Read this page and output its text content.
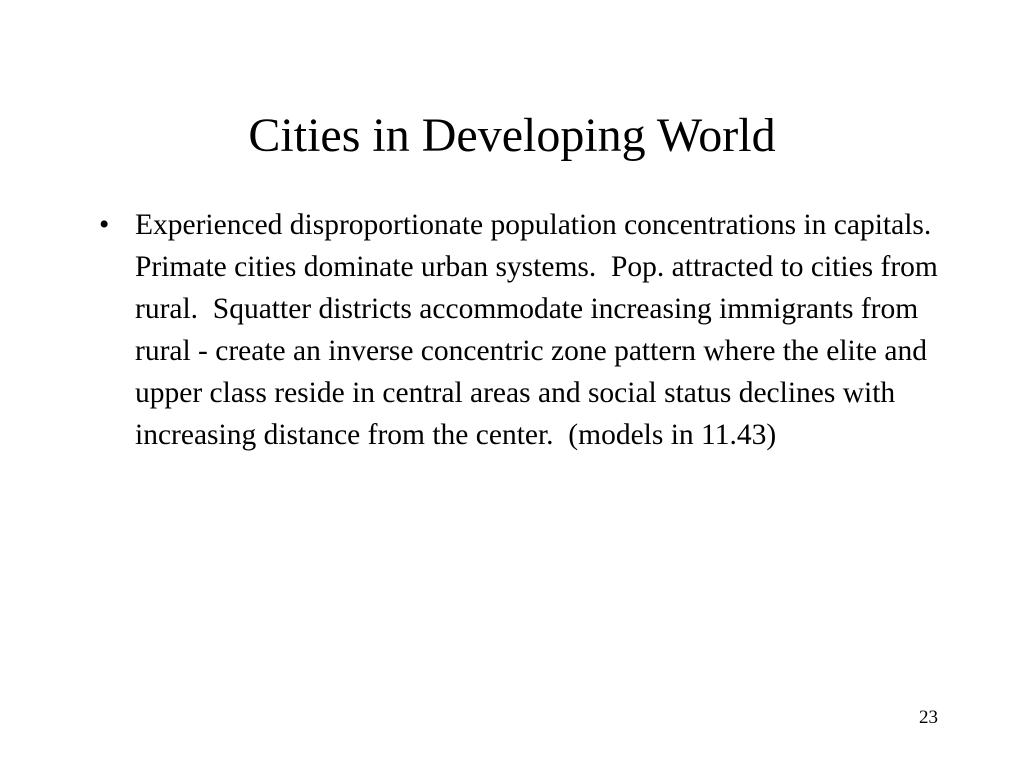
Cities in Developing World
• Experienced disproportionate population concentrations in capitals.  Primate cities dominate urban systems.  Pop. attracted to cities from rural.  Squatter districts accommodate increasing immigrants from rural - create an inverse concentric zone pattern where the elite and upper class reside in central areas and social status declines with increasing distance from the center.  (models in 11.43)
23
